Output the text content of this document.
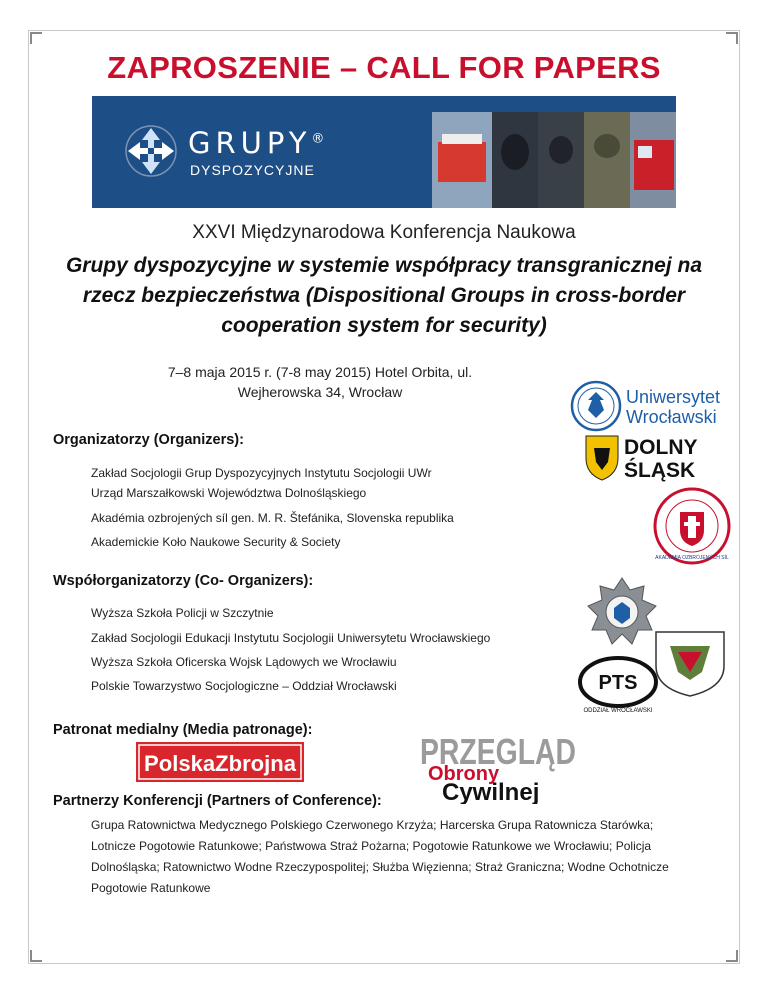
ZAPROSZENIE – CALL FOR PAPERS
GRUPY®
DYSPOZYCYJNE
XXVI Międzynarodowa Konferencja Naukowa
Grupy dyspozycyjne w systemie współpracy transgranicznej na rzecz bezpieczeństwa (Dispositional Groups in cross-border cooperation system for security)
7–8 maja 2015 r. (7-8 may 2015) Hotel Orbita, ul.
Wejherowska 34, Wrocław	Uniwersytet
Wrocławski
DOLNY
ŚLĄSK
AKADÉMIA OZBROJENÝCH SÍL
PTS
ODDZIAŁ WROCŁAWSKI
Organizatorzy (Organizers):
Zakład Socjologii Grup Dyspozycyjnych Instytutu Socjologii UWr
Urząd Marszałkowski Województwa Dolnośląskiego
Akadémia ozbrojených síl gen. M. R. Štefánika, Slovenska republika
Akademickie Koło Naukowe Security & Society
Współorganizatorzy (Co- Organizers):
Wyższa Szkoła Policji w Szczytnie
Zakład Socjologii Edukacji Instytutu Socjologii Uniwersytetu Wrocławskiego
Wyższa Szkoła Oficerska Wojsk Lądowych we Wrocławiu
Polskie Towarzystwo Socjologiczne – Oddział Wrocławski
Patronat medialny (Media patronage):
PolskaZbrojna	PRZEGLĄD
Obrony
Cywilnej
Partnerzy Konferencji (Partners of Conference):
Grupa Ratownictwa Medycznego Polskiego Czerwonego Krzyża; Harcerska Grupa Ratownicza Starówka; Lotnicze Pogotowie Ratunkowe; Państwowa Straż Pożarna; Pogotowie Ratunkowe we Wrocławiu; Policja Dolnośląska; Ratownictwo Wodne Rzeczypospolitej; Służba Więzienna; Straż Graniczna; Wodne Ochotnicze Pogotowie Ratunkowe
